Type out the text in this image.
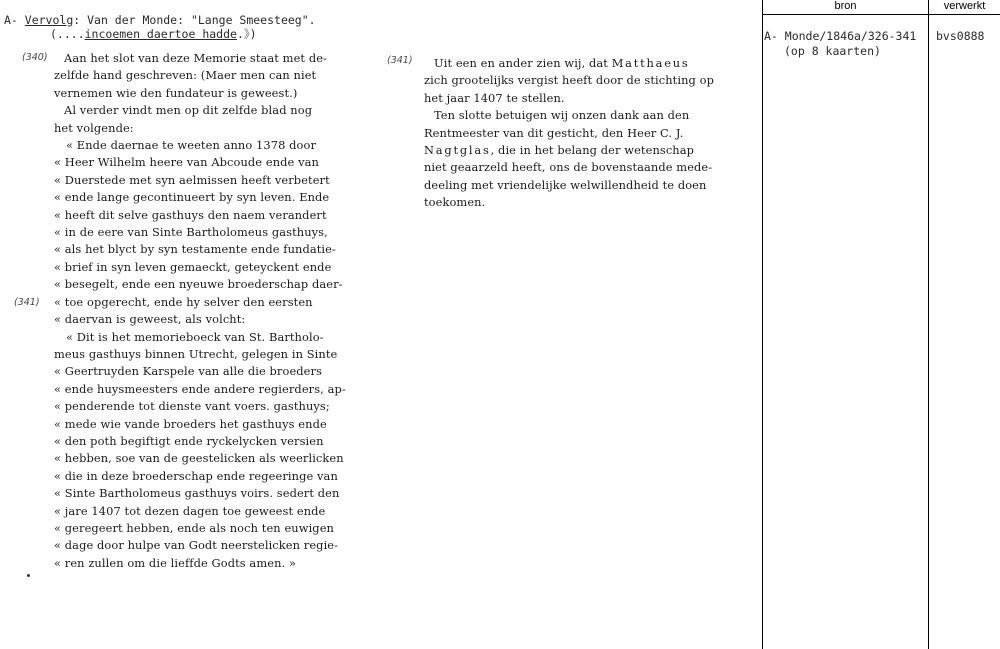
A- Vervolg: Van der Monde: "Lange Smeesteeg".
(....incoemen daertoe hadde.》)
(340)
(341)
(341)

Aan het slot van deze Memorie staat met de-

zelfde hand geschreven: (Maer men can niet

vernemen wie den fundateur is geweest.)

Al verder vindt men op dit zelfde blad nog

het volgende:

« Ende daernae te weeten anno 1378 door

« Heer Wilhelm heere van Abcoude ende van

« Duerstede met syn aelmissen heeft verbetert

« ende lange gecontinueert by syn leven. Ende

« heeft dit selve gasthuys den naem verandert

« in de eere van Sinte Bartholomeus gasthuys,

« als het blyct by syn testamente ende fundatie-

« brief in syn leven gemaeckt, geteyckent ende

« besegelt, ende een nyeuwe broederschap daer-

« toe opgerecht, ende hy selver den eersten

« daervan is geweest, als volcht:

« Dit is het memorieboeck van St. Bartholo-

meus gasthuys binnen Utrecht, gelegen in Sinte

« Geertruyden Karspele van alle die broeders

« ende huysmeesters ende andere regierders, ap-

« penderende tot dienste vant voers. gasthuys;

« mede wie vande broeders het gasthuys ende

« den poth begiftigt ende ryckelycken versien

« hebben, soe van de geestelicken als weerlicken

« die in deze broederschap ende regeeringe van

« Sinte Bartholomeus gasthuys voirs. sedert den

« jare 1407 tot dezen dagen toe geweest ende

« geregeert hebben, ende als noch ten euwigen

« dage door hulpe van Godt neerstelicken regie-

« ren zullen om die lieffde Godts amen. »

Uit een en ander zien wij, dat Matthaeus

zich grootelijks vergist heeft door de stichting op

het jaar 1407 te stellen.

Ten slotte betuigen wij onzen dank aan den

Rentmeester van dit gesticht, den Heer C. J.

Nagtglas, die in het belang der wetenschap

niet geaarzeld heeft, ons de bovenstaande mede-

deeling met vriendelijke welwillendheid te doen

toekomen.

bron	verwerkt
A- Monde/1846a/326-341
(op 8 kaarten)
bvs0888
